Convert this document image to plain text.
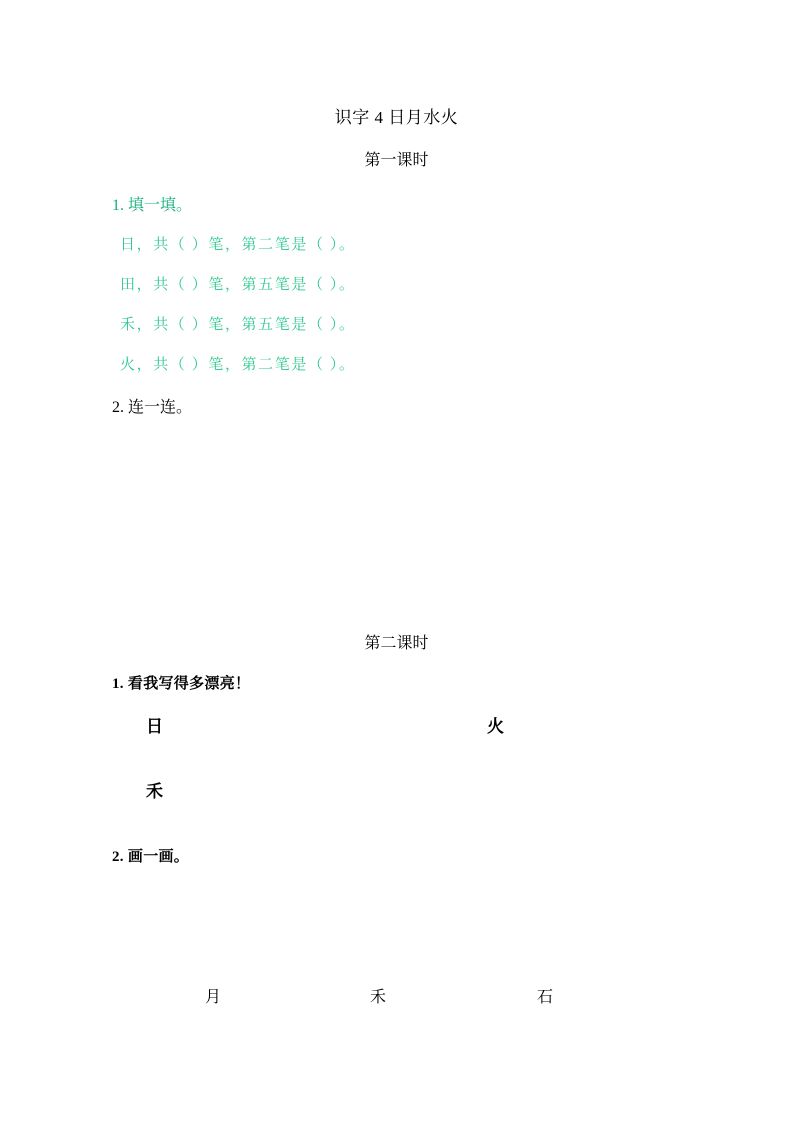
识字 4 日月水火
第一课时
1. 填一填。
日，共（ ）笔，第二笔是（ ）。
田，共（ ）笔，第五笔是（ ）。
禾，共（ ）笔，第五笔是（ ）。
火，共（ ）笔，第二笔是（ ）。
2. 连一连。
第二课时
1. 看我写得多漂亮！
日	火
禾
2. 画一画。
月	禾	石
